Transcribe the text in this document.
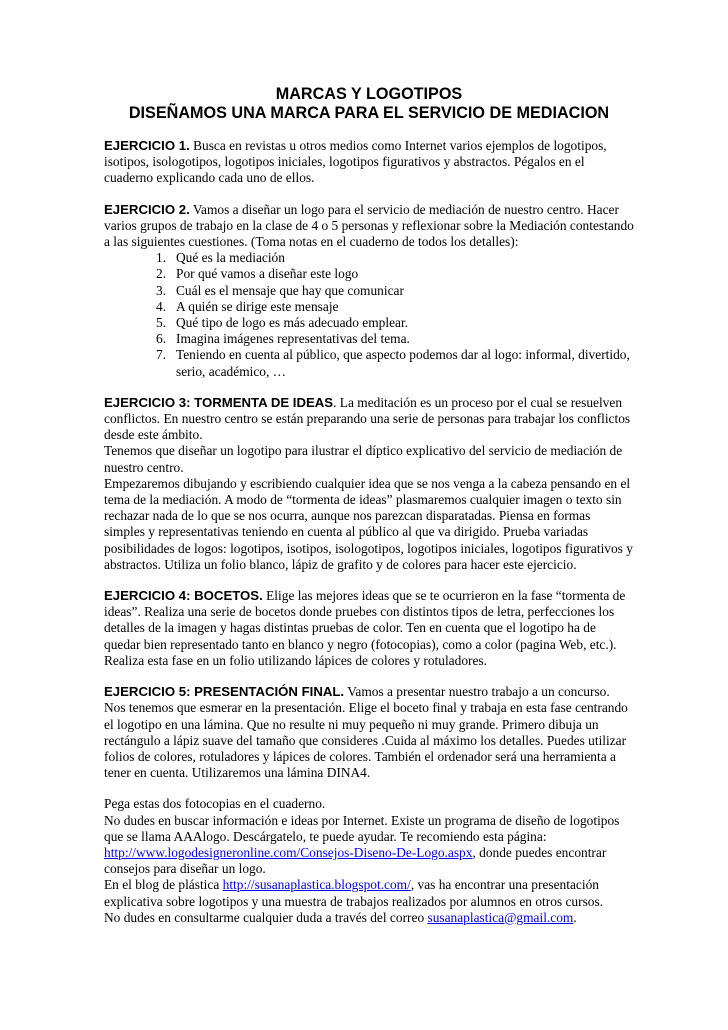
MARCAS Y LOGOTIPOS
DISEÑAMOS UNA MARCA PARA EL SERVICIO DE MEDIACION

EJERCICIO 1. Busca en revistas u otros medios como Internet varios ejemplos de logotipos, isotipos, isologotipos, logotipos iniciales, logotipos figurativos y abstractos. Pégalos en el cuaderno explicando cada uno de ellos.

EJERCICIO 2. Vamos a diseñar un logo para el servicio de mediación de nuestro centro. Hacer varios grupos de trabajo en la clase de 4 o 5 personas y reflexionar sobre la Mediación contestando a las siguientes cuestiones. (Toma notas en el cuaderno de todos los detalles):

1. Qué es la mediación
2. Por qué vamos a diseñar este logo
3. Cuál es el mensaje que hay que comunicar
4. A quién se dirige este mensaje
5. Qué tipo de logo es más adecuado emplear.
6. Imagina imágenes representativas del tema.
7. Teniendo en cuenta al público, que aspecto podemos dar al logo: informal, divertido, serio, académico, …

EJERCICIO 3: TORMENTA DE IDEAS. La meditación es un proceso por el cual se resuelven conflictos. En nuestro centro se están preparando una serie de personas para trabajar los conflictos desde este ámbito.

Tenemos que diseñar un logotipo para ilustrar el díptico explicativo del servicio de mediación de nuestro centro.

Empezaremos dibujando y escribiendo cualquier idea que se nos venga a la cabeza pensando en el tema de la mediación. A modo de “tormenta de ideas” plasmaremos cualquier imagen o texto sin rechazar nada de lo que se nos ocurra, aunque nos parezcan disparatadas. Piensa en formas simples y representativas teniendo en cuenta al público al que va dirigido. Prueba variadas posibilidades de logos: logotipos, isotipos, isologotipos, logotipos iniciales, logotipos figurativos y abstractos. Utiliza un folio blanco, lápiz de grafito y de colores para hacer este ejercicio.

EJERCICIO 4: BOCETOS. Elige las mejores ideas que se te ocurrieron en la fase “tormenta de ideas”. Realiza una serie de bocetos donde pruebes con distintos tipos de letra, perfecciones los detalles de la imagen y hagas distintas pruebas de color. Ten en cuenta que el logotipo ha de quedar bien representado tanto en blanco y negro (fotocopias), como a color (pagina Web, etc.). Realiza esta fase en un folio utilizando lápices de colores y rotuladores.

EJERCICIO 5: PRESENTACIÓN FINAL. Vamos a presentar nuestro trabajo a un concurso. Nos tenemos que esmerar en la presentación. Elige el boceto final y trabaja en esta fase centrando el logotipo en una lámina. Que no resulte ni muy pequeño ni muy grande. Primero dibuja un rectángulo a lápiz suave del tamaño que consideres .Cuida al máximo los detalles. Puedes utilizar folios de colores, rotuladores y lápices de colores. También el ordenador será una herramienta a tener en cuenta. Utilizaremos una lámina DINA4.

Pega estas dos fotocopias en el cuaderno.

No dudes en buscar información e ideas por Internet. Existe un programa de diseño de logotipos que se llama AAAlogo. Descárgatelo, te puede ayudar. Te recomiendo esta página: http://www.logodesigneronline.com/Consejos-Diseno-De-Logo.aspx, donde puedes encontrar consejos para diseñar un logo.

En el blog de plástica http://susanaplastica.blogspot.com/, vas ha encontrar una presentación explicativa sobre logotipos y una muestra de trabajos realizados por alumnos en otros cursos.

No dudes en consultarme cualquier duda a través del correo susanaplastica@gmail.com.
